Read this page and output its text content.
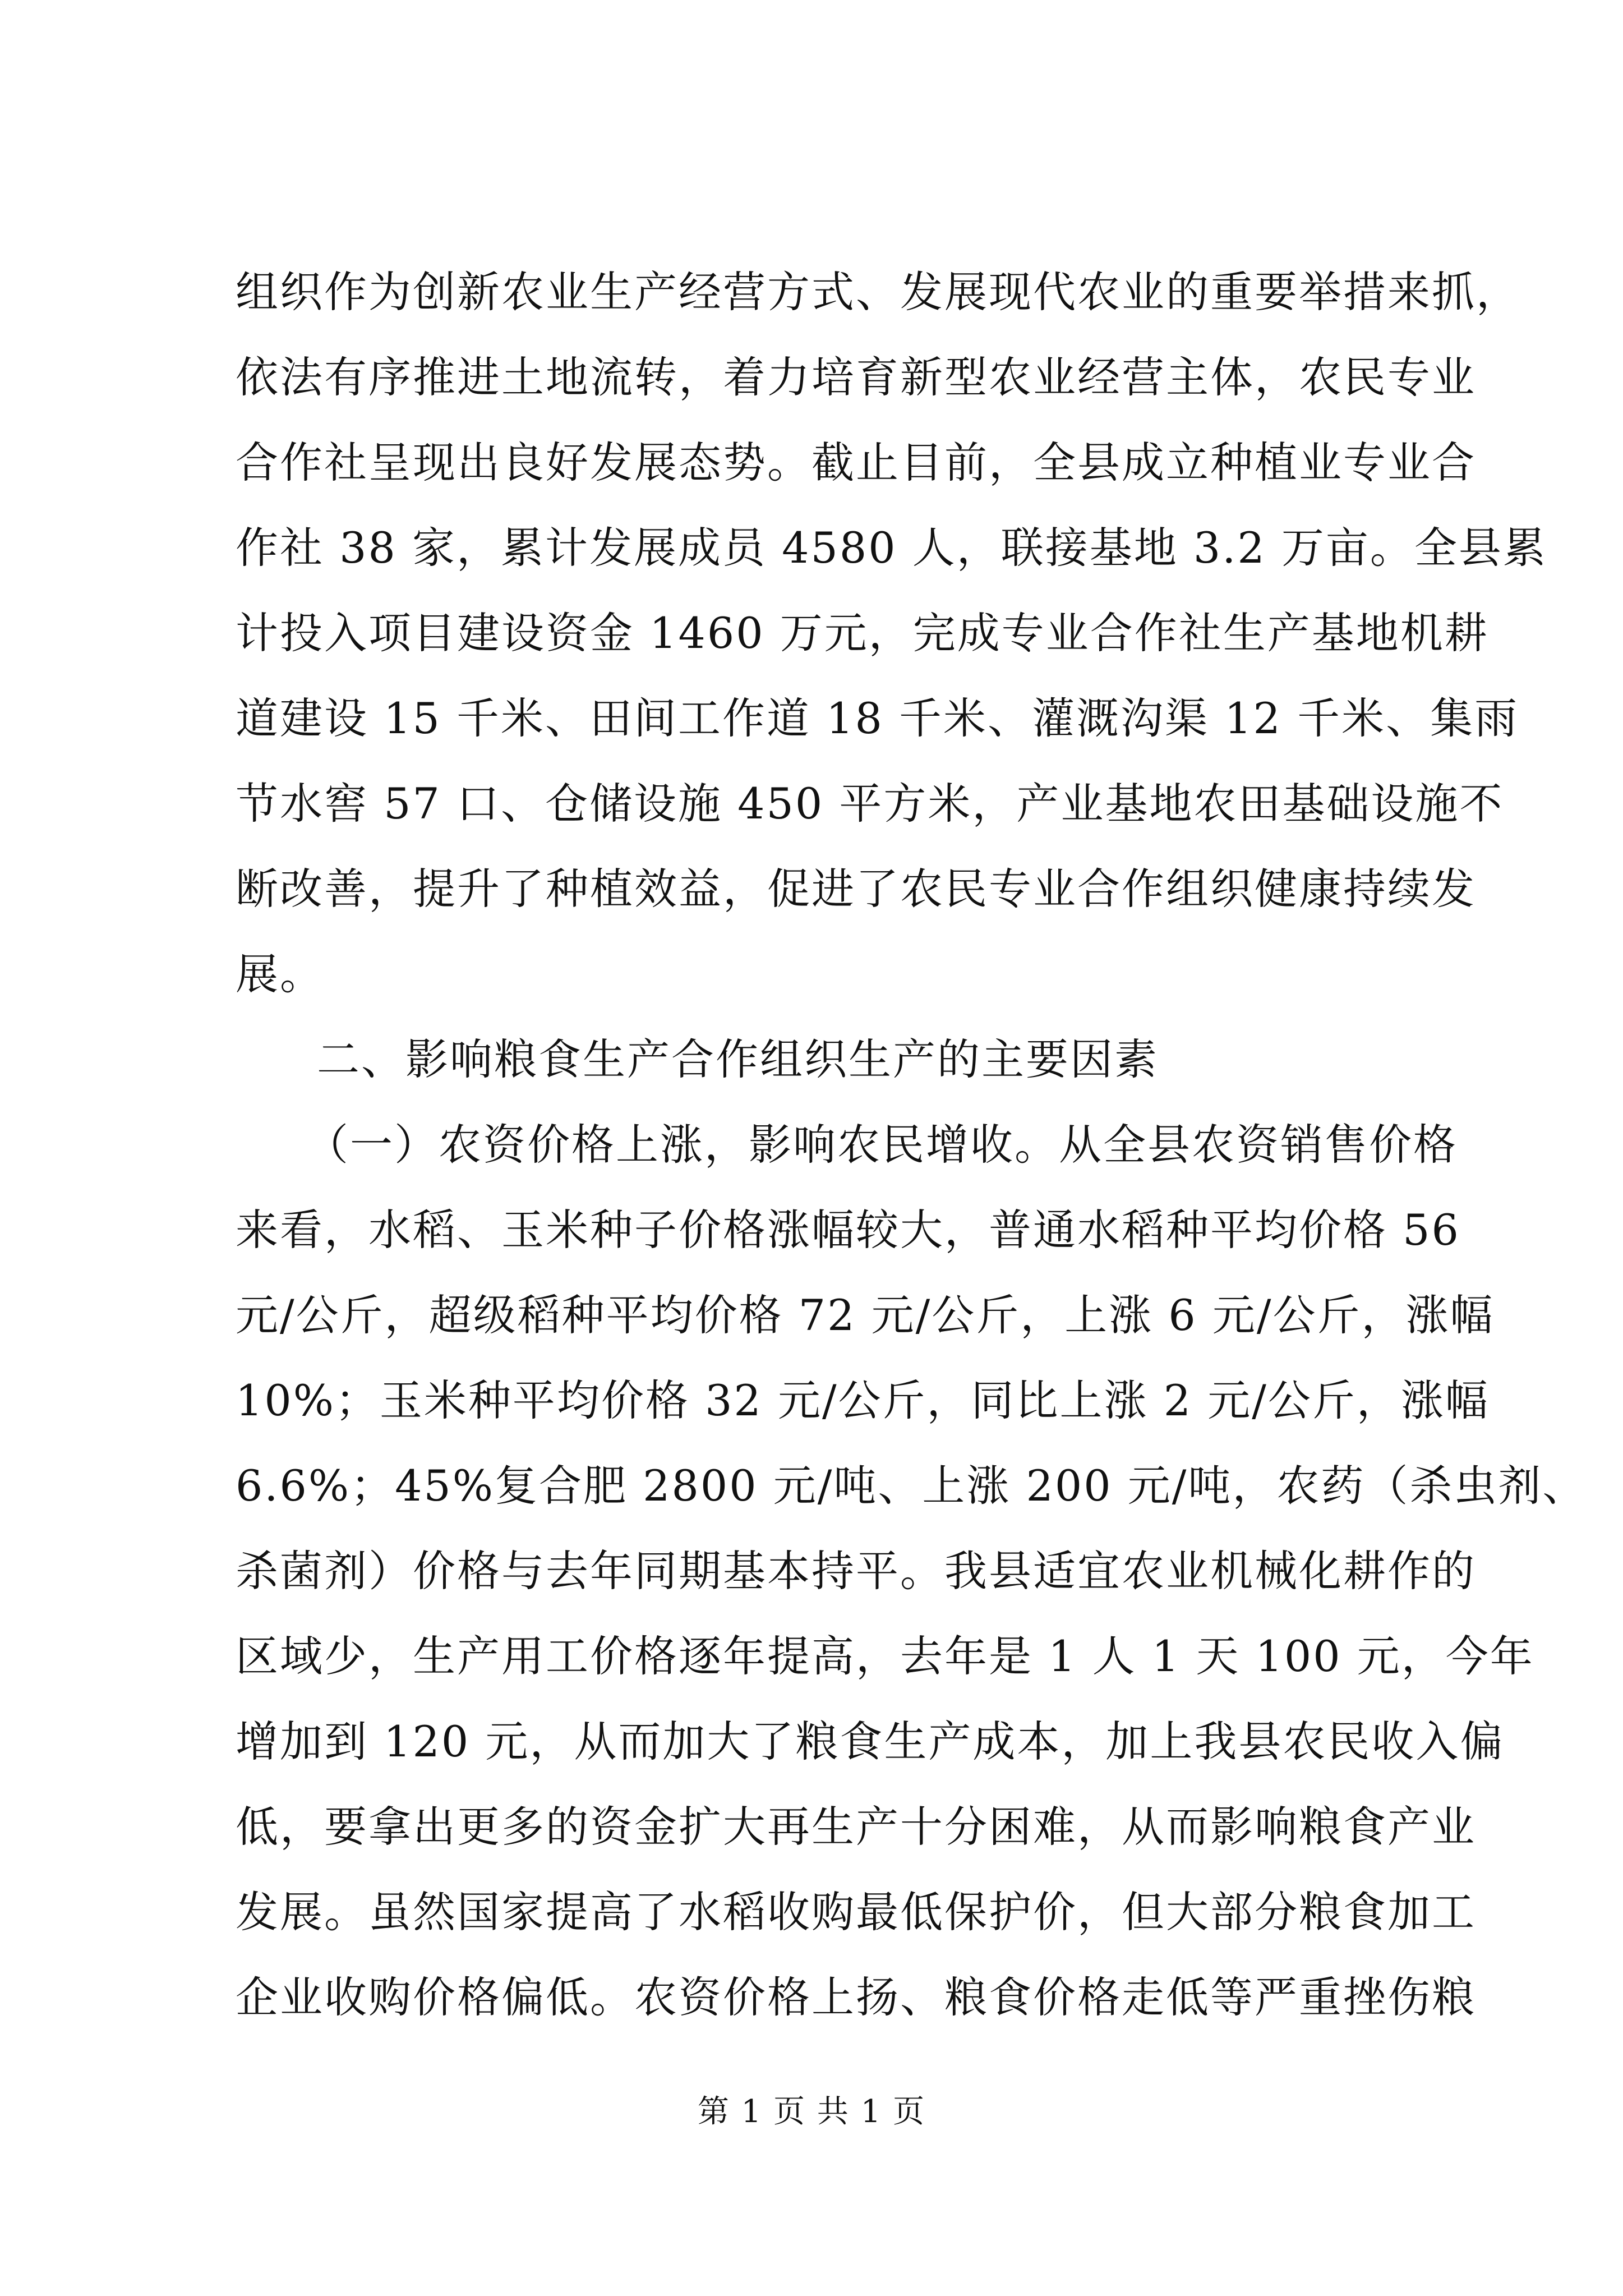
组织作为创新农业生产经营方式、发展现代农业的重要举措来抓，
依法有序推进土地流转，着力培育新型农业经营主体，农民专业
合作社呈现出良好发展态势。截止目前，全县成立种植业专业合
作社 38 家，累计发展成员 4580 人，联接基地 3.2 万亩。全县累
计投入项目建设资金 1460 万元，完成专业合作社生产基地机耕
道建设 15 千米、田间工作道 18 千米、灌溉沟渠 12 千米、集雨
节水窖 57 口、仓储设施 450 平方米，产业基地农田基础设施不
断改善，提升了种植效益，促进了农民专业合作组织健康持续发
展。
二、影响粮食生产合作组织生产的主要因素
（一）农资价格上涨，影响农民增收。从全县农资销售价格
来看，水稻、玉米种子价格涨幅较大，普通水稻种平均价格 56
元/公斤，超级稻种平均价格 72 元/公斤，上涨 6 元/公斤，涨幅
10%；玉米种平均价格 32 元/公斤，同比上涨 2 元/公斤，涨幅
6.6%；45%复合肥 2800 元/吨、上涨 200 元/吨，农药（杀虫剂、
杀菌剂）价格与去年同期基本持平。我县适宜农业机械化耕作的
区域少，生产用工价格逐年提高，去年是 1 人 1 天 100 元，今年
增加到 120 元，从而加大了粮食生产成本，加上我县农民收入偏
低，要拿出更多的资金扩大再生产十分困难，从而影响粮食产业
发展。虽然国家提高了水稻收购最低保护价，但大部分粮食加工
企业收购价格偏低。农资价格上扬、粮食价格走低等严重挫伤粮
第 1 页 共 1 页
